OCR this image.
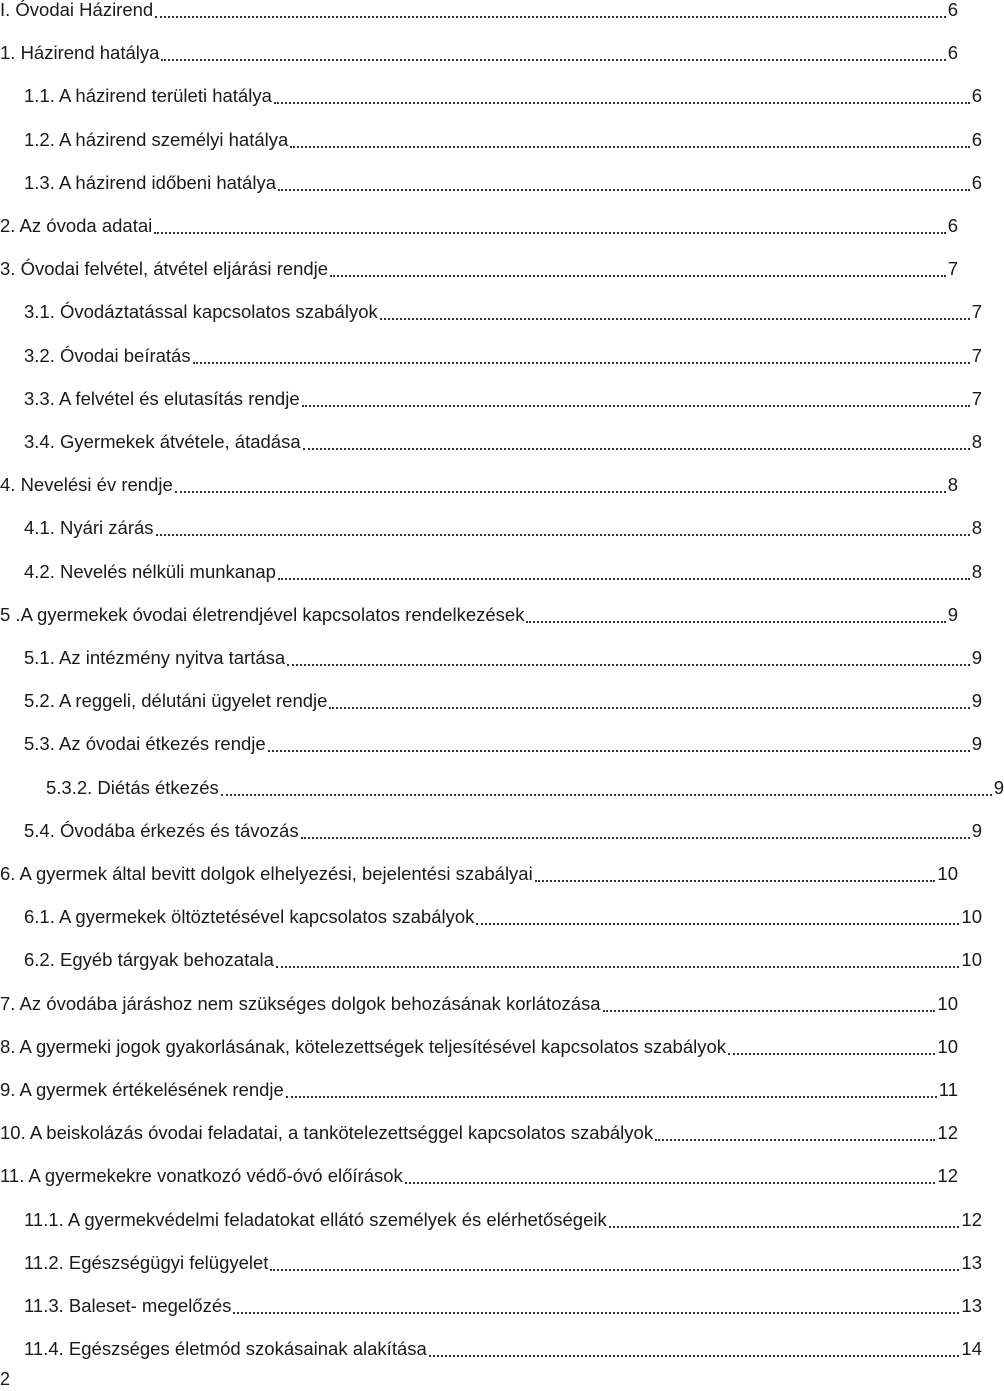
I. Óvodai Házirend	6
1. Házirend hatálya	6
1.1. A házirend területi hatálya	6
1.2. A házirend személyi hatálya	6
1.3. A házirend időbeni hatálya	6
2. Az óvoda adatai	6
3. Óvodai felvétel, átvétel eljárási rendje	7
3.1. Óvodáztatással kapcsolatos szabályok	7
3.2. Óvodai beíratás	7
3.3. A felvétel és elutasítás rendje	7
3.4. Gyermekek átvétele, átadása	8
4. Nevelési év rendje	8
4.1. Nyári zárás	8
4.2. Nevelés nélküli munkanap	8
5 .A gyermekek óvodai életrendjével kapcsolatos rendelkezések	9
5.1. Az intézmény nyitva tartása	9
5.2. A reggeli, délutáni ügyelet rendje	9
5.3. Az óvodai étkezés rendje	9
5.3.2. Diétás étkezés	9
5.4. Óvodába érkezés és távozás	9
6. A gyermek által bevitt dolgok elhelyezési, bejelentési szabályai	10
6.1. A gyermekek öltöztetésével kapcsolatos szabályok	10
6.2. Egyéb tárgyak behozatala	10
7. Az óvodába járáshoz nem szükséges dolgok behozásának korlátozása	10
8. A gyermeki jogok gyakorlásának, kötelezettségek teljesítésével kapcsolatos szabályok	10
9. A gyermek értékelésének rendje	11
10. A beiskolázás óvodai feladatai, a tankötelezettséggel kapcsolatos szabályok	12
11. A gyermekekre vonatkozó védő-óvó előírások	12
11.1. A gyermekvédelmi feladatokat ellátó személyek és elérhetőségeik	12
11.2. Egészségügyi felügyelet	13
11.3. Baleset- megelőzés	13
11.4. Egészséges életmód szokásainak alakítása	14
2
